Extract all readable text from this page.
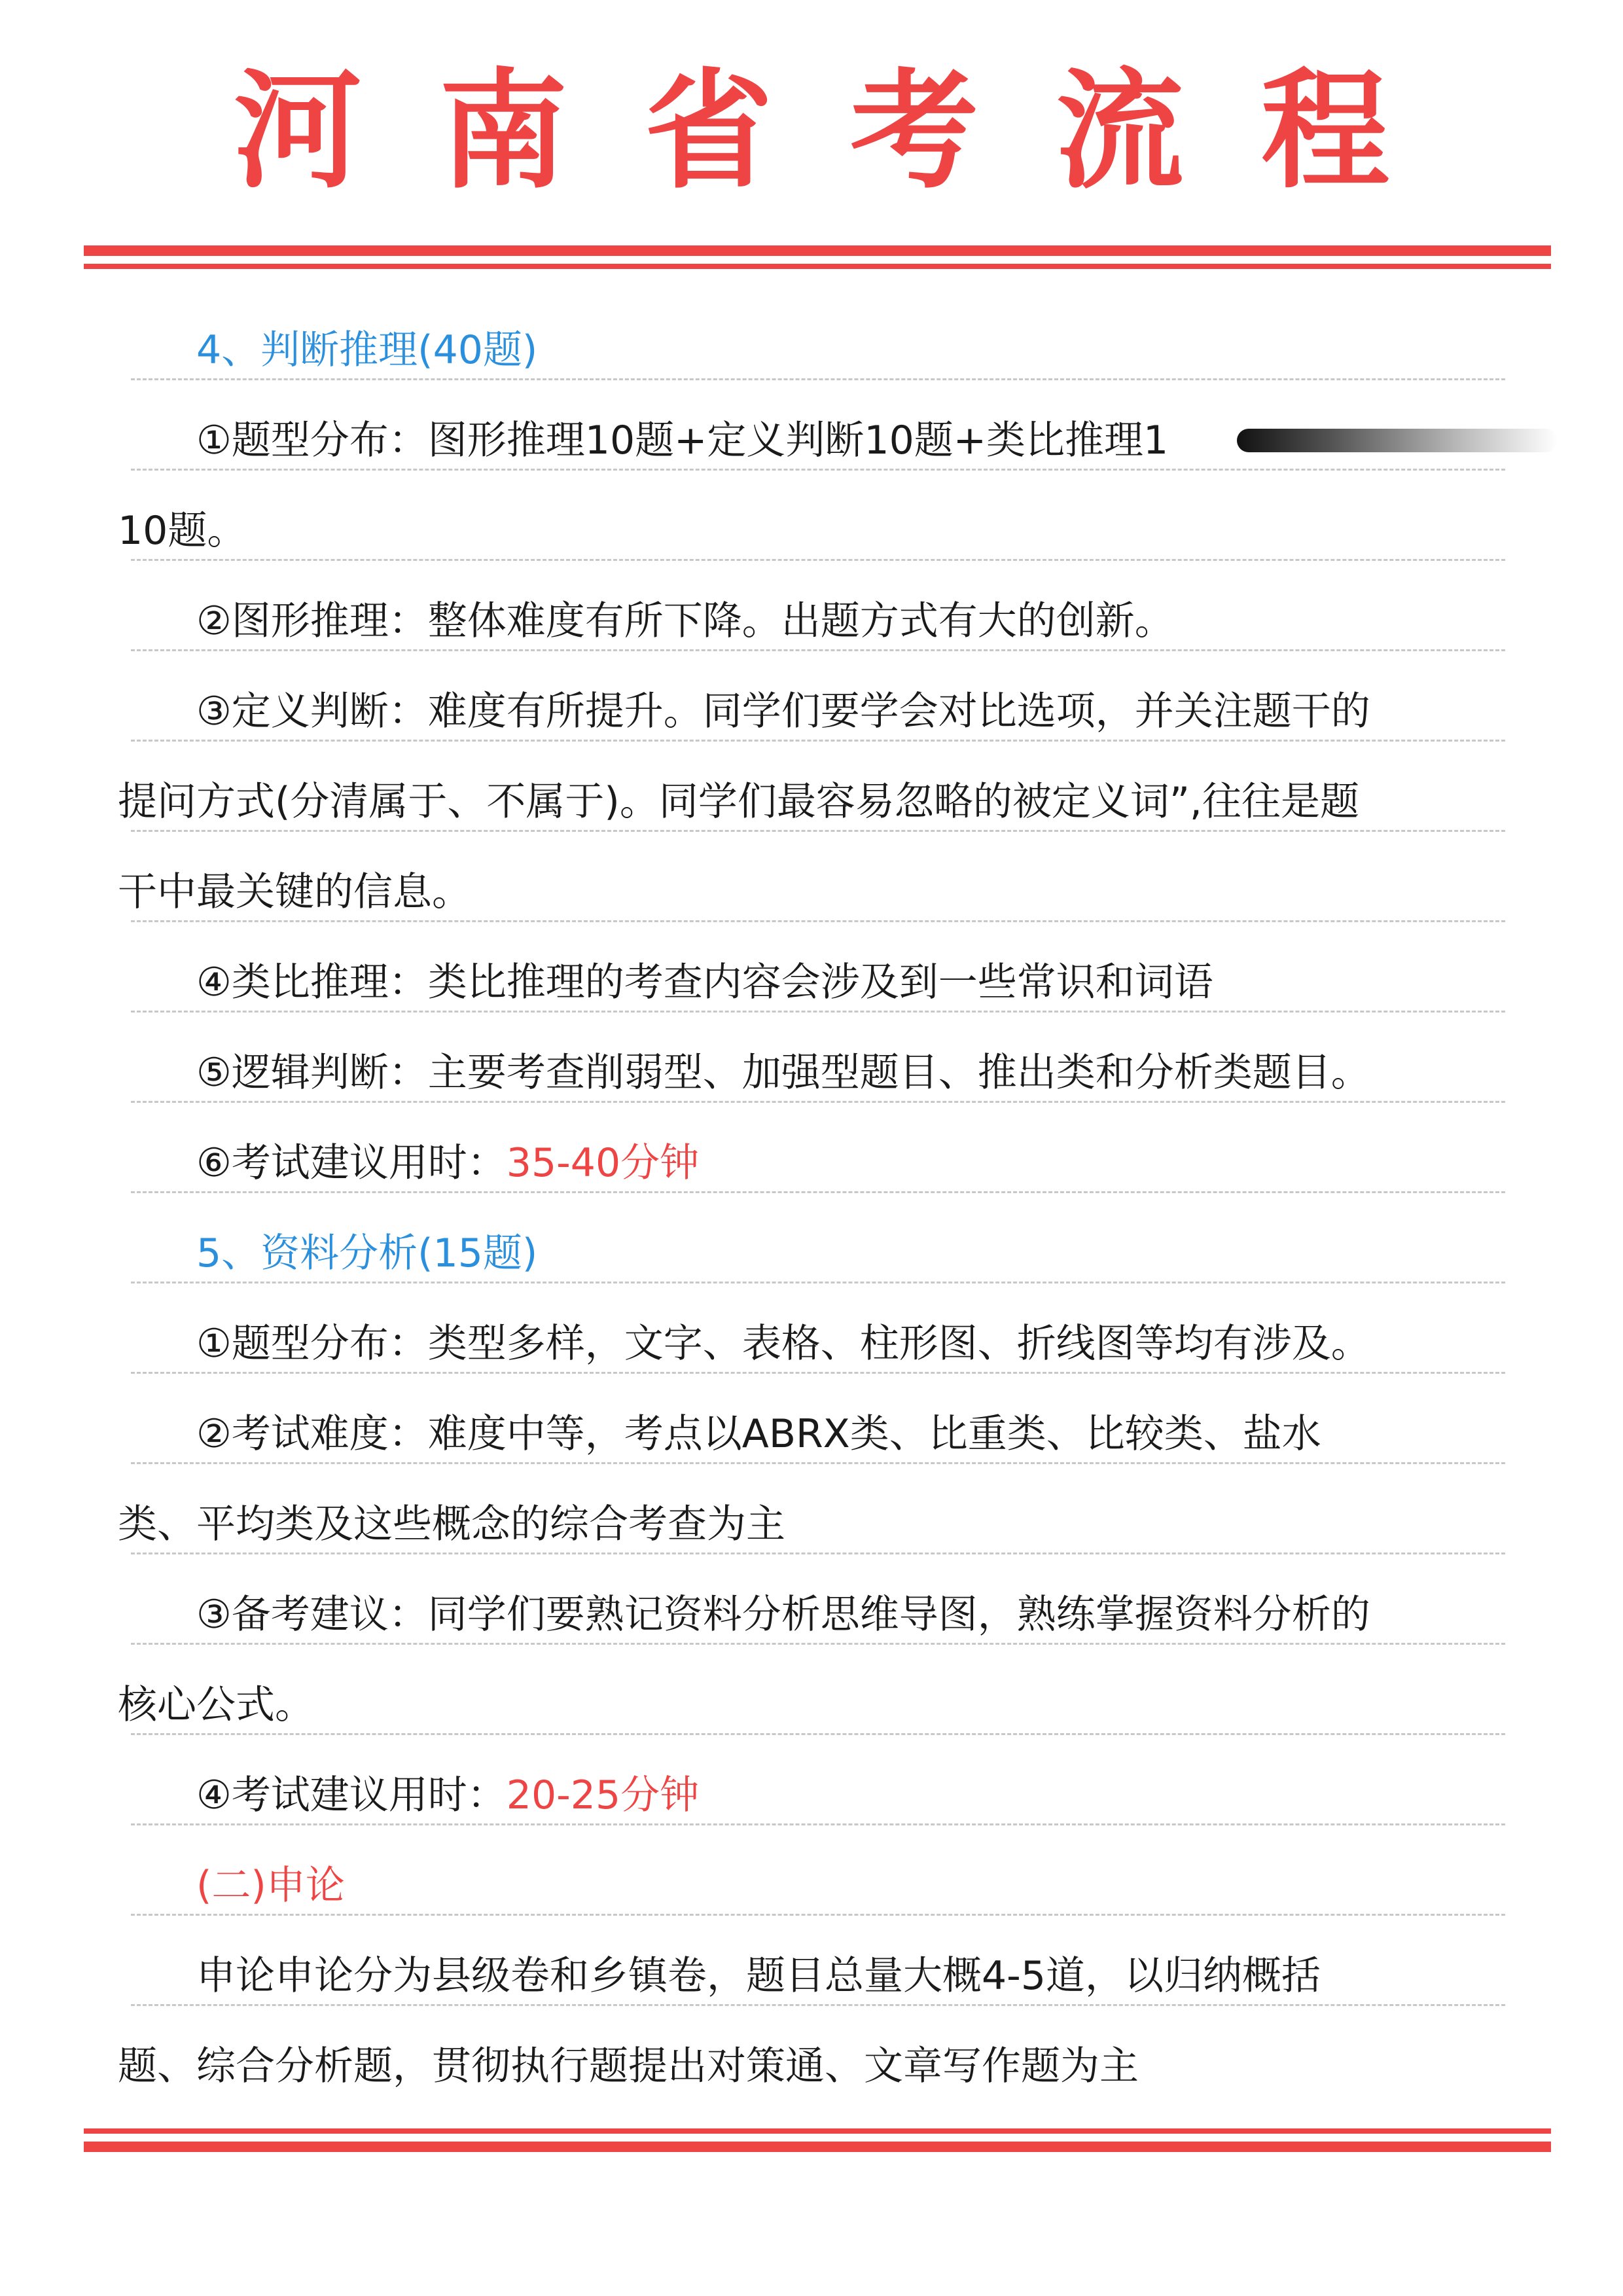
河南省考流程
4、判断推理(40题)
①题型分布：图形推理10题+定义判断10题+类比推理1
10题。
②图形推理：整体难度有所下降。出题方式有大的创新。
③定义判断：难度有所提升。同学们要学会对比选项，并关注题干的
提问方式(分清属于、不属于)。同学们最容易忽略的被定义词”,往往是题
干中最关键的信息。
④类比推理：类比推理的考查内容会涉及到一些常识和词语
⑤逻辑判断：主要考查削弱型、加强型题目、推出类和分析类题目。
⑥考试建议用时：35-40分钟
5、资料分析(15题)
①题型分布：类型多样，文字、表格、柱形图、折线图等均有涉及。
②考试难度：难度中等，考点以ABRX类、比重类、比较类、盐水
类、平均类及这些概念的综合考查为主
③备考建议：同学们要熟记资料分析思维导图，熟练掌握资料分析的
核心公式。
④考试建议用时：20-25分钟
(二)申论
申论申论分为县级卷和乡镇卷，题目总量大概4-5道，以归纳概括
题、综合分析题，贯彻执行题提出对策通、文章写作题为主
